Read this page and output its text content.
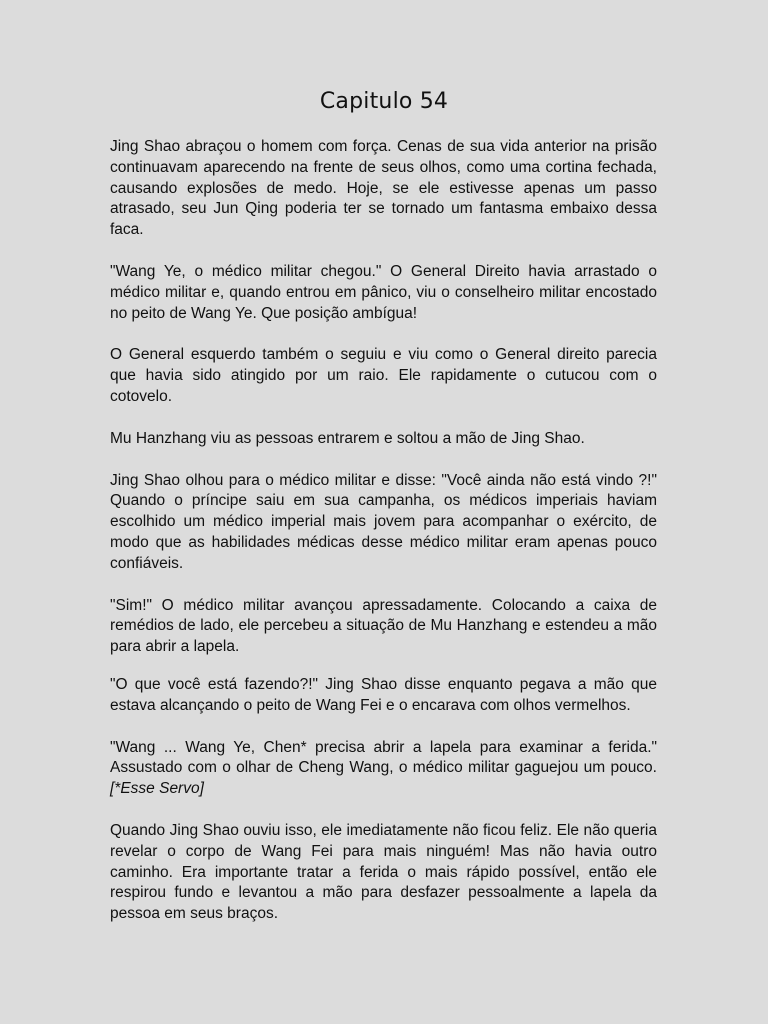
Capitulo 54

Jing Shao abraçou o homem com força. Cenas de sua vida anterior na prisão continuavam aparecendo na frente de seus olhos, como uma cortina fechada, causando explosões de medo. Hoje, se ele estivesse apenas um passo atrasado, seu Jun Qing poderia ter se tornado um fantasma embaixo dessa faca.

"Wang Ye, o médico militar chegou." O General Direito havia arrastado o médico militar e, quando entrou em pânico, viu o conselheiro militar encostado no peito de Wang Ye. Que posição ambígua!

O General esquerdo também o seguiu e viu como o General direito parecia que havia sido atingido por um raio. Ele rapidamente o cutucou com o cotovelo.

Mu Hanzhang viu as pessoas entrarem e soltou a mão de Jing Shao.

Jing Shao olhou para o médico militar e disse: "Você ainda não está vindo ?!" Quando o príncipe saiu em sua campanha, os médicos imperiais haviam escolhido um médico imperial mais jovem para acompanhar o exército, de modo que as habilidades médicas desse médico militar eram apenas pouco confiáveis.

"Sim!" O médico militar avançou apressadamente. Colocando a caixa de remédios de lado, ele percebeu a situação de Mu Hanzhang e estendeu a mão para abrir a lapela.

"O que você está fazendo?!" Jing Shao disse enquanto pegava a mão que estava alcançando o peito de Wang Fei e o encarava com olhos vermelhos.

"Wang ... Wang Ye, Chen* precisa abrir a lapela para examinar a ferida." Assustado com o olhar de Cheng Wang, o médico militar gaguejou um pouco.[*Esse Servo]

Quando Jing Shao ouviu isso, ele imediatamente não ficou feliz. Ele não queria revelar o corpo de Wang Fei para mais ninguém! Mas não havia outro caminho. Era importante tratar a ferida o mais rápido possível, então ele respirou fundo e levantou a mão para desfazer pessoalmente a lapela da pessoa em seus braços.
